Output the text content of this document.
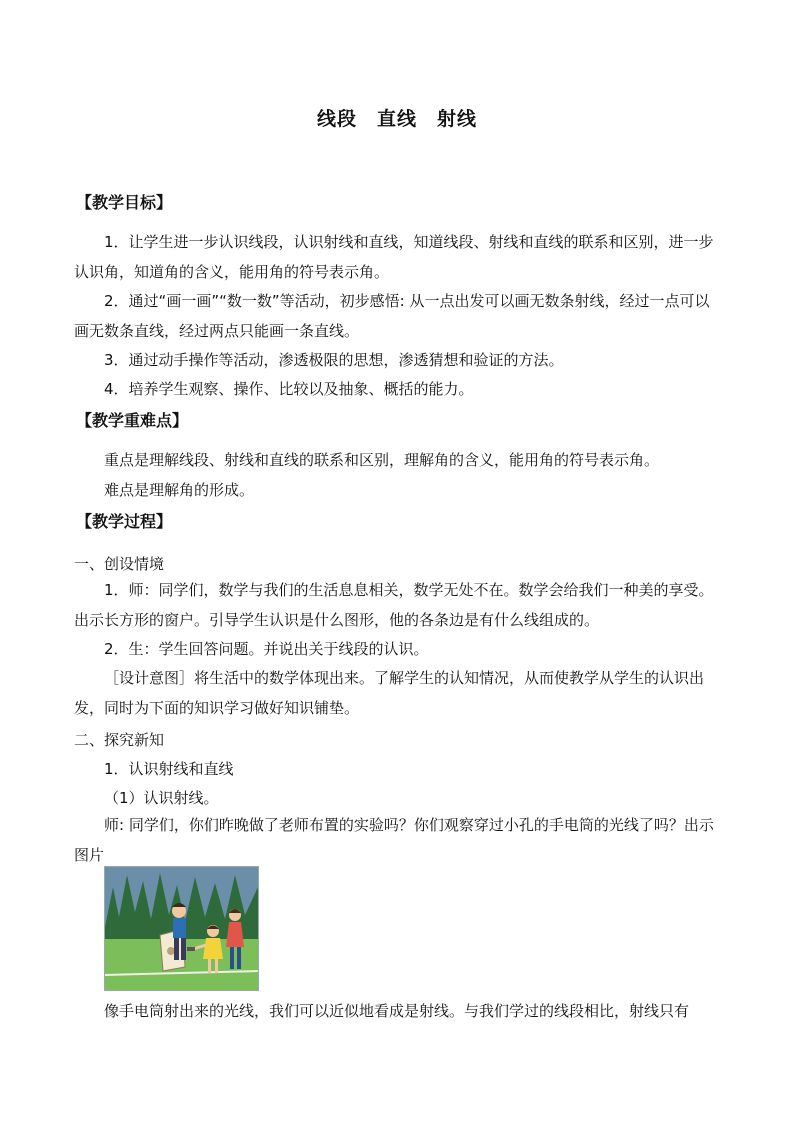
线段　直线　射线
【教学目标】
1．让学生进一步认识线段，认识射线和直线，知道线段、射线和直线的联系和区别，进一步认识角，知道角的含义，能用角的符号表示角。
2．通过“画一画”“数一数”等活动，初步感悟: 从一点出发可以画无数条射线，经过一点可以画无数条直线，经过两点只能画一条直线。
3．通过动手操作等活动，渗透极限的思想，渗透猜想和验证的方法。
4．培养学生观察、操作、比较以及抽象、概括的能力。
【教学重难点】
重点是理解线段、射线和直线的联系和区别，理解角的含义，能用角的符号表示角。
难点是理解角的形成。
【教学过程】
一、创设情境
1．师：同学们，数学与我们的生活息息相关，数学无处不在。数学会给我们一种美的享受。出示长方形的窗户。引导学生认识是什么图形，他的各条边是有什么线组成的。
2．生：学生回答问题。并说出关于线段的认识。
［设计意图］将生活中的数学体现出来。了解学生的认知情况，从而使教学从学生的认识出发，同时为下面的知识学习做好知识铺垫。
二、探究新知
1．认识射线和直线
（1）认识射线。
师: 同学们，你们昨晚做了老师布置的实验吗？你们观察穿过小孔的手电筒的光线了吗？出示图片
像手电筒射出来的光线，我们可以近似地看成是射线。与我们学过的线段相比，射线只有
